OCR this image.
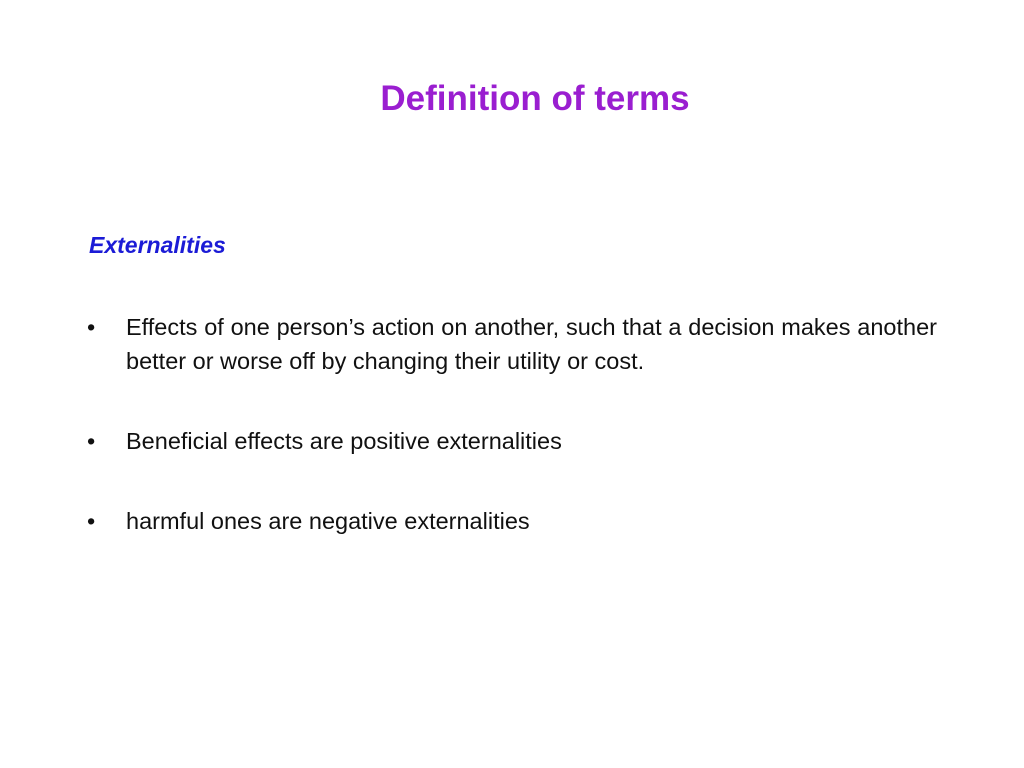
Definition of terms
Externalities
•	Effects of one person’s action on another, such that a decision makes another better or worse off by changing their utility or cost.
•	Beneficial effects are positive externalities
•	harmful ones are negative externalities
